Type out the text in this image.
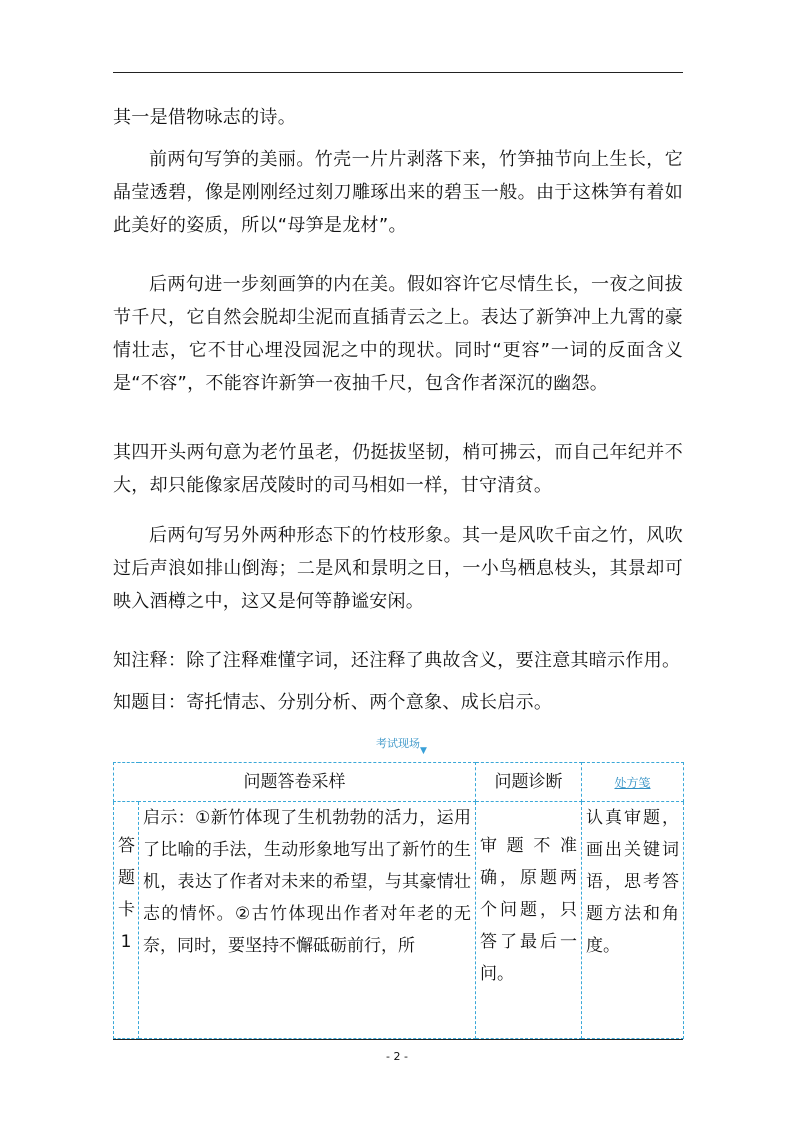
其一是借物咏志的诗。

前两句写笋的美丽。竹壳一片片剥落下来，竹笋抽节向上生长，它晶莹透碧，像是刚刚经过刻刀雕琢出来的碧玉一般。由于这株笋有着如此美好的姿质，所以“母笋是龙材”。

后两句进一步刻画笋的内在美。假如容许它尽情生长，一夜之间拔节千尺，它自然会脱却尘泥而直插青云之上。表达了新笋冲上九霄的豪情壮志，它不甘心埋没园泥之中的现状。同时“更容”一词的反面含义是“不容”，不能容许新笋一夜抽千尺，包含作者深沉的幽怨。

其四开头两句意为老竹虽老，仍挺拔坚韧，梢可拂云，而自己年纪并不大，却只能像家居茂陵时的司马相如一样，甘守清贫。

后两句写另外两种形态下的竹枝形象。其一是风吹千亩之竹，风吹过后声浪如排山倒海；二是风和景明之日，一小鸟栖息枝头，其景却可映入酒樽之中，这又是何等静谧安闲。

知注释：除了注释难懂字词，还注释了典故含义，要注意其暗示作用。

知题目：寄托情志、分别分析、两个意象、成长启示。

考试现场
▼
问题答卷采样		问题诊断	处方笺
答题卡1	启示：①新竹体现了生机勃勃的活力，运用了比喻的手法，生动形象地写出了新竹的生机，表达了作者对未来的希望，与其豪情壮志的情怀。②古竹体现出作者对年老的无奈，同时，要坚持不懈砥砺前行，所	审题不准确，原题两个问题，只答了最后一问。	认真审题，画出关键词语，思考答题方法和角度。
- 2 -
